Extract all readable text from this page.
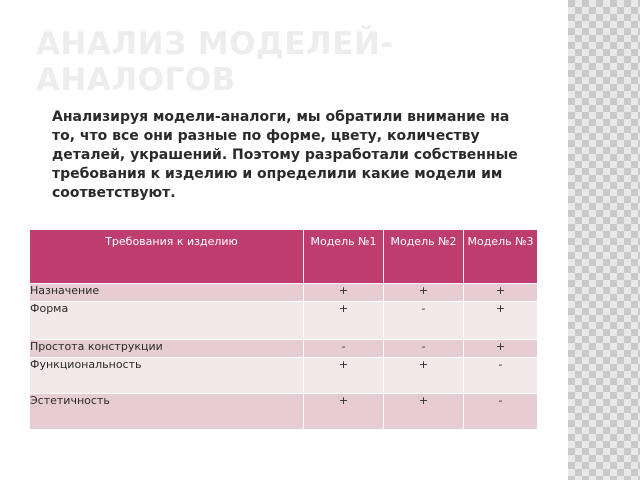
АНАЛИЗ МОДЕЛЕЙ-АНАЛОГОВ
Анализируя модели-аналоги, мы обратили внимание на то, что все они разные по форме, цвету, количеству деталей, украшений. Поэтому разработали собственные требования к изделию и определили какие модели им соответствуют.
Требования к изделию	Модель №1	Модель №2	Модель №3
Назначение	+	+	+
Форма	+	-	+
Простота конструкции	-	-	+
Функциональность	+	+	-
Эстетичность	+	+	-
